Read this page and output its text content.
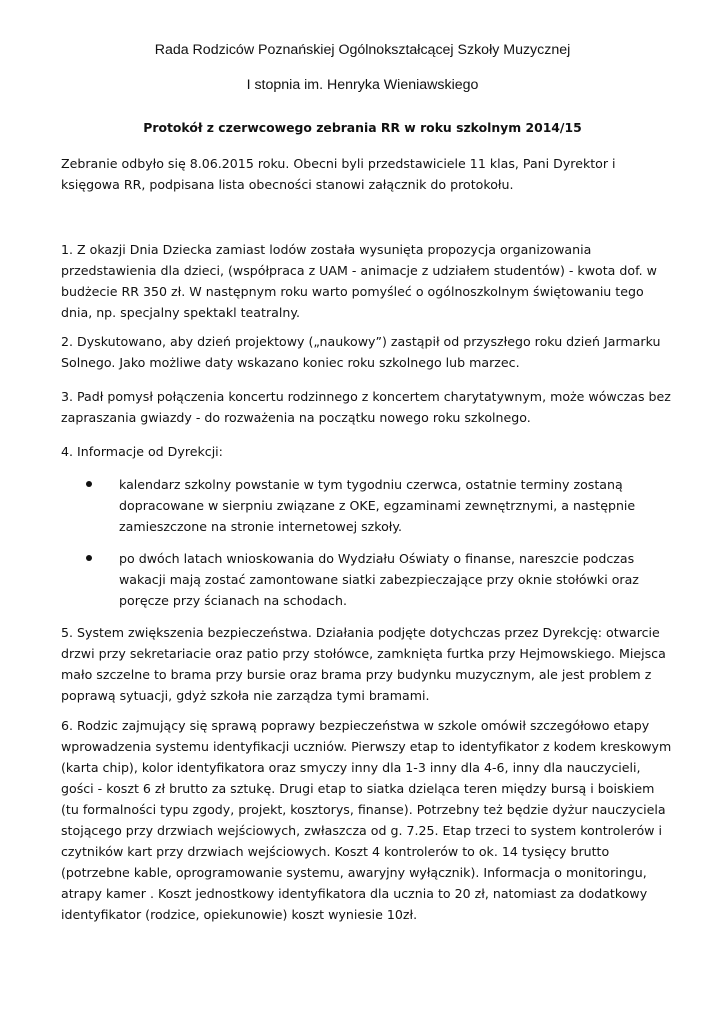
Rada Rodziców Poznańskiej Ogólnokształcącej Szkoły Muzycznej
I stopnia im. Henryka Wieniawskiego
Protokół z czerwcowego zebrania RR w roku szkolnym 2014/15

Zebranie odbyło się 8.06.2015 roku. Obecni byli przedstawiciele 11 klas, Pani Dyrektor i księgowa RR, podpisana lista obecności stanowi załącznik do protokołu.

1. Z okazji Dnia Dziecka zamiast lodów została wysunięta propozycja organizowania przedstawienia dla dzieci, (współpraca z UAM - animacje z udziałem studentów) - kwota dof. w budżecie RR 350 zł. W następnym roku warto pomyśleć o ogólnoszkolnym świętowaniu tego dnia, np. specjalny spektakl teatralny.

2. Dyskutowano, aby dzień projektowy („naukowy”) zastąpił od przyszłego roku dzień Jarmarku Solnego. Jako możliwe daty wskazano koniec roku szkolnego lub marzec.

3. Padł pomysł połączenia koncertu rodzinnego z koncertem charytatywnym, może wówczas bez zapraszania gwiazdy - do rozważenia na początku nowego roku szkolnego.

4. Informacje od Dyrekcji:

kalendarz szkolny powstanie w tym tygodniu czerwca, ostatnie terminy zostaną dopracowane w sierpniu związane z OKE, egzaminami zewnętrznymi, a następnie zamieszczone na stronie internetowej szkoły.
po dwóch latach wnioskowania do Wydziału Oświaty o finanse, nareszcie podczas wakacji mają zostać zamontowane siatki zabezpieczające przy oknie stołówki oraz poręcze przy ścianach na schodach.

5. System zwiększenia bezpieczeństwa. Działania podjęte dotychczas przez Dyrekcję: otwarcie drzwi przy sekretariacie oraz patio przy stołówce, zamknięta furtka przy Hejmowskiego. Miejsca mało szczelne to brama przy bursie oraz brama przy budynku muzycznym, ale jest problem z poprawą sytuacji, gdyż szkoła nie zarządza tymi bramami.

6. Rodzic zajmujący się sprawą poprawy bezpieczeństwa w szkole omówił szczegółowo etapy wprowadzenia systemu identyfikacji uczniów. Pierwszy etap to identyfikator z kodem kreskowym (karta chip), kolor identyfikatora oraz smyczy inny dla 1-3 inny dla 4-6, inny dla nauczycieli, gości - koszt 6 zł brutto za sztukę. Drugi etap to siatka dzieląca teren między bursą i boiskiem (tu formalności typu zgody, projekt, kosztorys, finanse). Potrzebny też będzie dyżur nauczyciela stojącego przy drzwiach wejściowych, zwłaszcza od g. 7.25. Etap trzeci to system kontrolerów i czytników kart przy drzwiach wejściowych. Koszt 4 kontrolerów to ok. 14 tysięcy brutto (potrzebne kable, oprogramowanie systemu, awaryjny wyłącznik). Informacja o monitoringu, atrapy kamer . Koszt jednostkowy identyfikatora dla ucznia to 20 zł, natomiast za dodatkowy identyfikator (rodzice, opiekunowie) koszt wyniesie 10zł.
